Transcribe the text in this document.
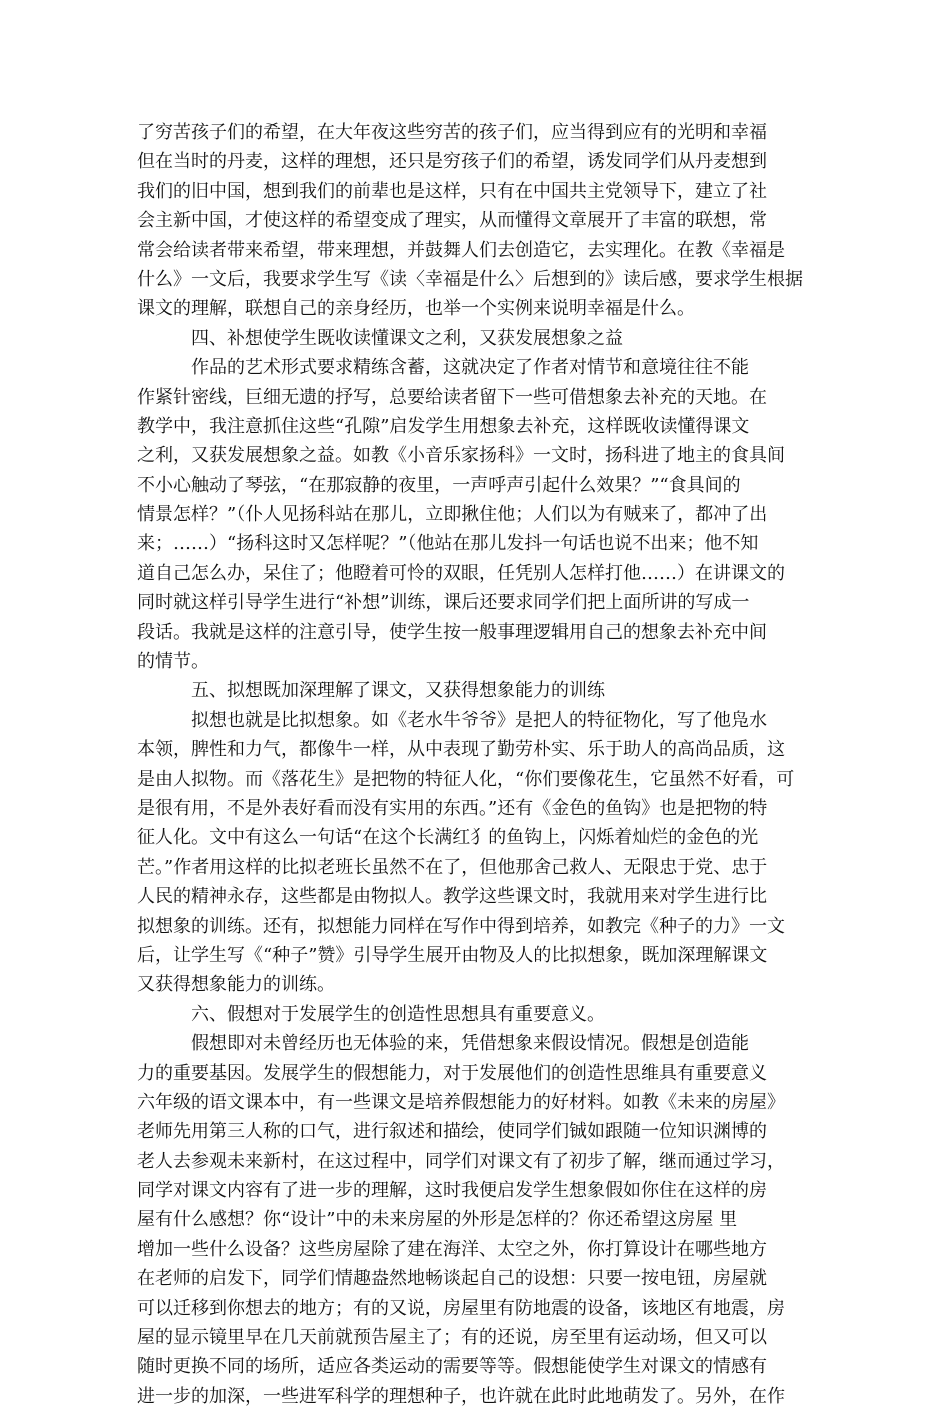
了穷苦孩子们的希望，在大年夜这些穷苦的孩子们，应当得到应有的光明和幸福
但在当时的丹麦，这样的理想，还只是穷孩子们的希望，诱发同学们从丹麦想到
我们的旧中国，想到我们的前辈也是这样，只有在中国共主党领导下，建立了社
会主新中国，才使这样的希望变成了理实，从而懂得文章展开了丰富的联想，常
常会给读者带来希望，带来理想，并鼓舞人们去创造它，去实理化。在教《幸福是
什么》一文后，我要求学生写《读〈幸福是什么〉后想到的》读后感，要求学生根据
课文的理解，联想自己的亲身经历，也举一个实例来说明幸福是什么。
　　　四、补想使学生既收读懂课文之利，又获发展想象之益
　　　作品的艺术形式要求精练含蓄，这就决定了作者对情节和意境往往不能
作紧针密线，巨细无遗的抒写，总要给读者留下一些可借想象去补充的天地。在
教学中，我注意抓住这些“孔隙”启发学生用想象去补充，这样既收读懂得课文
之利，又获发展想象之益。如教《小音乐家扬科》一文时，扬科进了地主的食具间
不小心触动了琴弦，“在那寂静的夜里，一声呼声引起什么效果？”“食具间的
情景怎样？”（仆人见扬科站在那儿，立即揪住他；人们以为有贼来了，都冲了出
来；……）“扬科这时又怎样呢？”（他站在那儿发抖一句话也说不出来；他不知
道自己怎么办，呆住了；他瞪着可怜的双眼，任凭别人怎样打他……）在讲课文的
同时就这样引导学生进行“补想”训练，课后还要求同学们把上面所讲的写成一
段话。我就是这样的注意引导，使学生按一般事理逻辑用自己的想象去补充中间
的情节。
　　　五、拟想既加深理解了课文，又获得想象能力的训练
　　　拟想也就是比拟想象。如《老水牛爷爷》是把人的特征物化，写了他凫水
本领，脾性和力气，都像牛一样，从中表现了勤劳朴实、乐于助人的高尚品质，这
是由人拟物。而《落花生》是把物的特征人化，“你们要像花生，它虽然不好看，可
是很有用，不是外表好看而没有实用的东西。”还有《金色的鱼钩》也是把物的特
征人化。文中有这么一句话“在这个长满红犭的鱼钩上，闪烁着灿烂的金色的光
芒。”作者用这样的比拟老班长虽然不在了，但他那舍己救人、无限忠于党、忠于
人民的精神永存，这些都是由物拟人。教学这些课文时，我就用来对学生进行比
拟想象的训练。还有，拟想能力同样在写作中得到培养，如教完《种子的力》一文
后，让学生写《“种子”赞》引导学生展开由物及人的比拟想象，既加深理解课文
又获得想象能力的训练。
　　　六、假想对于发展学生的创造性思想具有重要意义。
　　　假想即对未曾经历也无体验的来，凭借想象来假设情况。假想是创造能
力的重要基因。发展学生的假想能力，对于发展他们的创造性思维具有重要意义
六年级的语文课本中，有一些课文是培养假想能力的好材料。如教《未来的房屋》
老师先用第三人称的口气，进行叙述和描绘，使同学们铖如跟随一位知识渊博的
老人去参观未来新村，在这过程中，同学们对课文有了初步了解，继而通过学习，
同学对课文内容有了进一步的理解，这时我便启发学生想象假如你住在这样的房
屋有什么感想？你“设计”中的未来房屋的外形是怎样的？你还希望这房屋 里
增加一些什么设备？这些房屋除了建在海洋、太空之外，你打算设计在哪些地方
在老师的启发下，同学们情趣盎然地畅谈起自己的设想：只要一按电钮，房屋就
可以迁移到你想去的地方；有的又说，房屋里有防地震的设备，该地区有地震，房
屋的显示镜里早在几天前就预告屋主了；有的还说，房至里有运动场，但又可以
随时更换不同的场所，适应各类运动的需要等等。假想能使学生对课文的情感有
进一步的加深，一些进军科学的理想种子，也许就在此时此地萌发了。另外，在作
